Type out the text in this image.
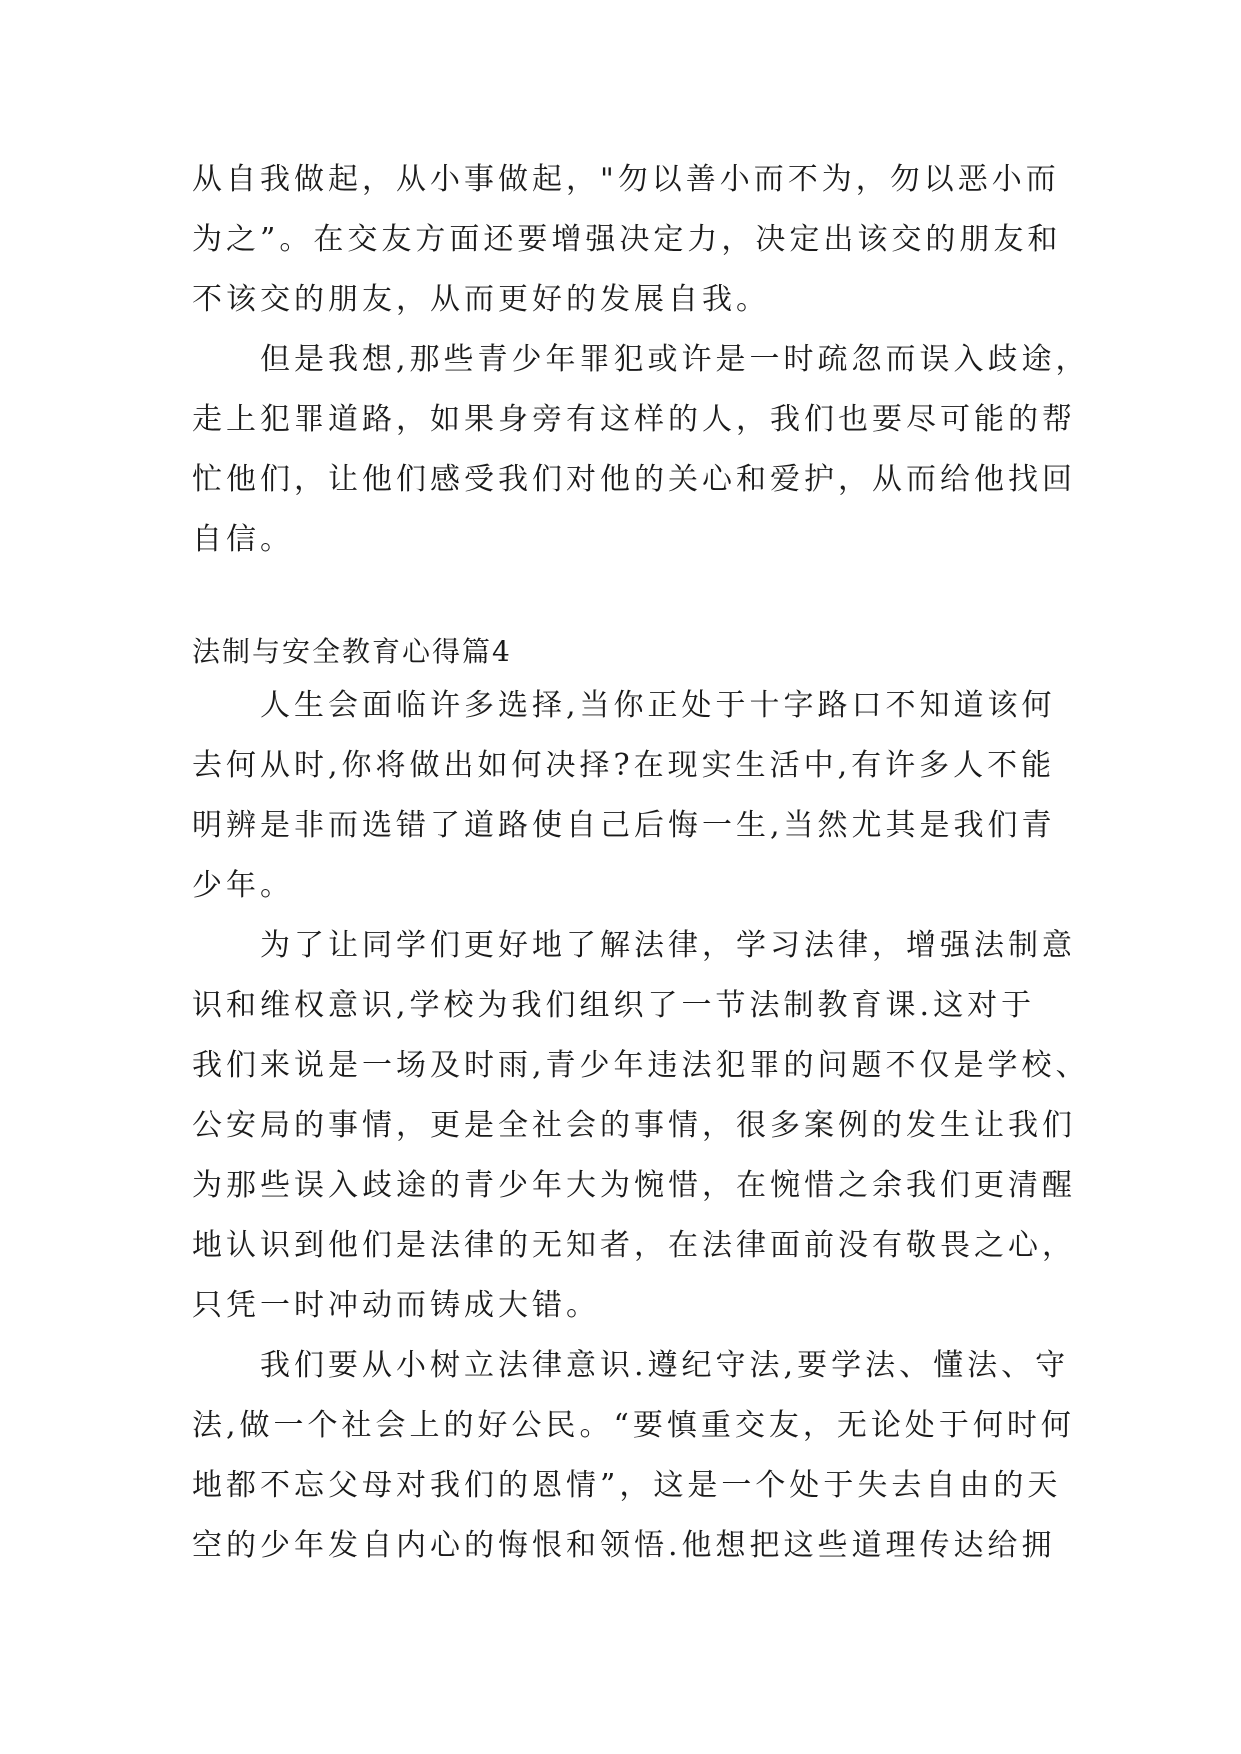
从自我做起，从小事做起，"勿以善小而不为，勿以恶小而
为之”。在交友方面还要增强决定力，决定出该交的朋友和
不该交的朋友，从而更好的发展自我。
　　但是我想,那些青少年罪犯或许是一时疏忽而误入歧途，
走上犯罪道路，如果身旁有这样的人，我们也要尽可能的帮
忙他们，让他们感受我们对他的关心和爱护，从而给他找回
自信。
法制与安全教育心得篇4
　　人生会面临许多选择,当你正处于十字路口不知道该何
去何从时,你将做出如何决择?在现实生活中,有许多人不能
明辨是非而选错了道路使自己后悔一生,当然尤其是我们青
少年。
　　为了让同学们更好地了解法律，学习法律，增强法制意
识和维权意识,学校为我们组织了一节法制教育课.这对于
我们来说是一场及时雨,青少年违法犯罪的问题不仅是学校、
公安局的事情，更是全社会的事情，很多案例的发生让我们
为那些误入歧途的青少年大为惋惜，在惋惜之余我们更清醒
地认识到他们是法律的无知者，在法律面前没有敬畏之心，
只凭一时冲动而铸成大错。
　　我们要从小树立法律意识.遵纪守法,要学法、懂法、守
法,做一个社会上的好公民。“要慎重交友，无论处于何时何
地都不忘父母对我们的恩情”，这是一个处于失去自由的天
空的少年发自内心的悔恨和领悟.他想把这些道理传达给拥
